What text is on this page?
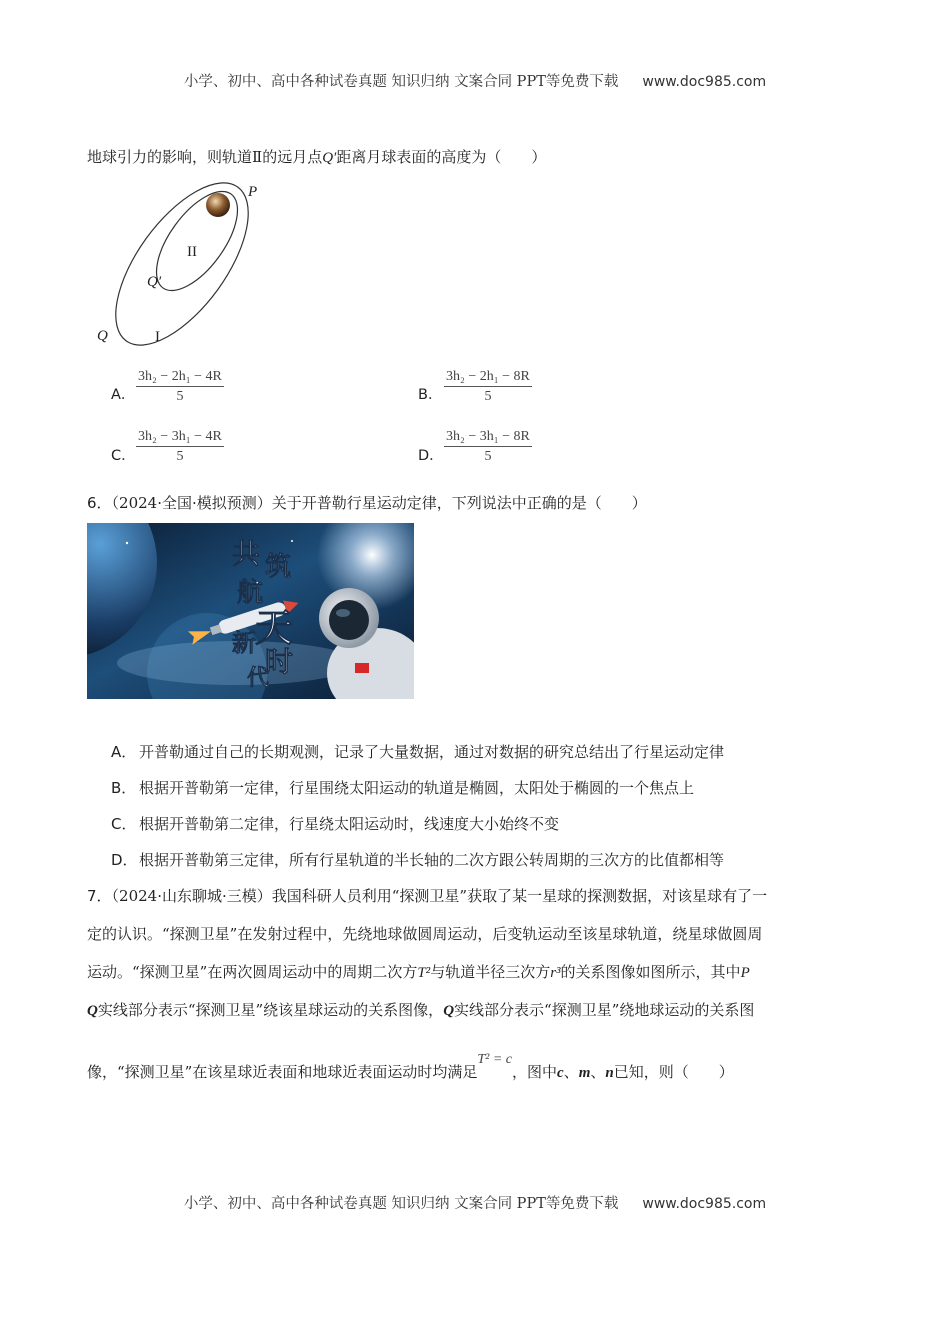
小学、初中、高中各种试卷真题 知识归纳 文案合同 PPT等免费下载 www.doc985.com
地球引力的影响，则轨道Ⅱ的远月点Q′距离月球表面的高度为（　　）
P
II
Q′
Q	I
A． $\frac{\text{3h₂ − 2h₁ − 4R}}{5}$	B． $\frac{\text{3h₂ − 2h₁ − 8R}}{5}$
C． $\frac{\text{3h₂ − 3h₁ − 4R}}{5}$	D． $\frac{\text{3h₂ − 3h₁ − 8R}}{5}$
6．（2024·全国·模拟预测）关于开普勒行星运动定律，下列说法中正确的是（　　）
共 筑
航
天
新
时
代
A． 开普勒通过自己的长期观测，记录了大量数据，通过对数据的研究总结出了行星运动定律
B． 根据开普勒第一定律，行星围绕太阳运动的轨道是椭圆，太阳处于椭圆的一个焦点上
C． 根据开普勒第二定律，行星绕太阳运动时，线速度大小始终不变
D．根据开普勒第三定律，所有行星轨道的半长轴的二次方跟公转周期的三次方的比值都相等
7．（2024·山东聊城·三模）我国科研人员利用“探测卫星”获取了某一星球的探测数据，对该星球有了一
定的认识。“探测卫星”在发射过程中，先绕地球做圆周运动，后变轨运动至该星球轨道，绕星球做圆周
运动。“探测卫星”在两次圆周运动中的周期二次方T²与轨道半径三次方r³的关系图像如图所示，其中P
Q实线部分表示“探测卫星”绕该星球运动的关系图像，Q实线部分表示“探测卫星”绕地球运动的关系图
像，“探测卫星”在该星球近表面和地球近表面运动时均满足T² = c，图中c、m、n已知，则（　　）
小学、初中、高中各种试卷真题 知识归纳 文案合同 PPT等免费下载 www.doc985.com
